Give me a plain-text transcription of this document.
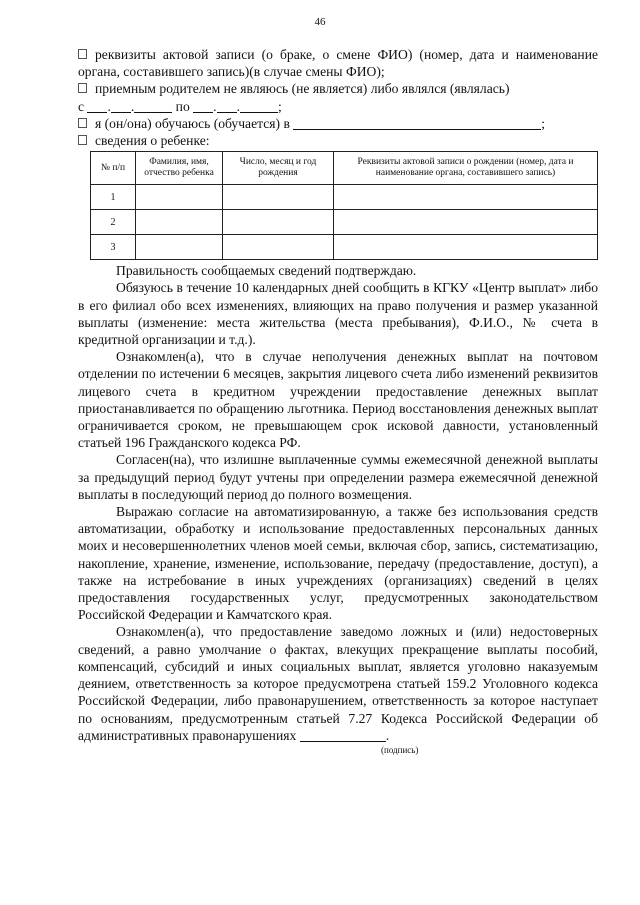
46

реквизиты актовой записи (о браке, о смене ФИО) (номер, дата и наименование органа, составившего запись)(в случае смены ФИО);

приемным родителем не являюсь (не является) либо являлся (являлась)
с . .	по . .	;

я (он/она) обучаюсь (обучается) в	;

сведения о ребенке:

№ п/п	Фамилия, имя, отчество ребенка	Число, месяц и год рождения	Реквизиты актовой записи о рождении (номер, дата и наименование органа, составившего запись)
1			
2			
3			

Правильность сообщаемых сведений подтверждаю.

Обязуюсь в течение 10 календарных дней сообщить в КГКУ «Центр выплат» либо в его филиал обо всех изменениях, влияющих на право получения и размер указанной выплаты (изменение: места жительства (места пребывания), Ф.И.О., № счета в кредитной организации и т.д.).

Ознакомлен(а), что в случае неполучения денежных выплат на почтовом отделении по истечении 6 месяцев, закрытия лицевого счета либо изменений реквизитов лицевого счета в кредитном учреждении предоставление денежных выплат приостанавливается по обращению льготника. Период восстановления денежных выплат ограничивается сроком, не превышающем срок исковой давности, установленный статьей 196 Гражданского кодекса РФ.

Согласен(на), что излишне выплаченные суммы ежемесячной денежной выплаты за предыдущий период будут учтены при определении размера ежемесячной денежной выплаты в последующий период до полного возмещения.

Выражаю согласие на автоматизированную, а также без использования средств автоматизации, обработку и использование предоставленных персональных данных моих и несовершеннолетних членов моей семьи, включая сбор, запись, систематизацию, накопление, хранение, изменение, использование, передачу (предоставление, доступ), а также на истребование в иных учреждениях (организациях) сведений в целях предоставления государственных услуг, предусмотренных законодательством Российской Федерации и Камчатского края.

Ознакомлен(а), что предоставление заведомо ложных и (или) недостоверных сведений, а равно умолчание о фактах, влекущих прекращение выплаты пособий, компенсаций, субсидий и иных социальных выплат, является уголовно наказуемым деянием, ответственность за которое предусмотрена статьей 159.2 Уголовного кодекса Российской Федерации, либо правонарушением, ответственность за которое наступает по основаниям, предусмотренным статьей 7.27 Кодекса Российской Федерации об административных правонарушениях	.

(подпись)
